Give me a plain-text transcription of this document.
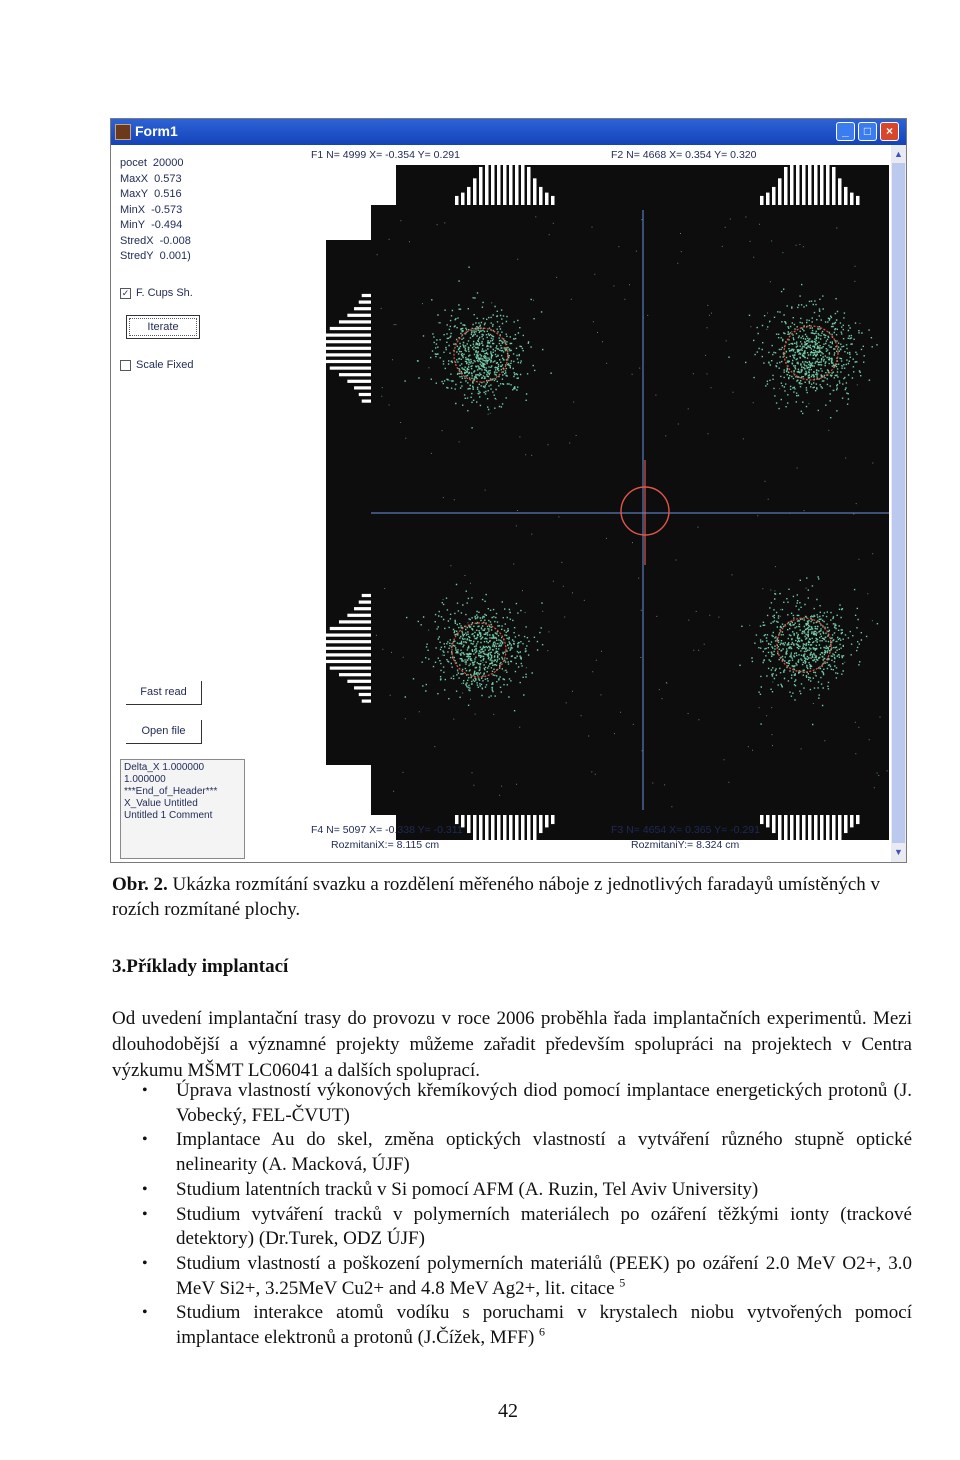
Form1	_	□	×
pocet 20000
MaxX 0.573
MaxY 0.516
MinX -0.573
MinY -0.494
StredX -0.008
StredY 0.001)
✓ F. Cups Sh.
Iterate
Scale Fixed
Fast read
Open file
Delta_X 1.000000
1.000000
***End_of_Header***
X_Value Untitled
Untitled 1 Comment
F1 N= 4999 X= -0.354 Y= 0.291	F2 N= 4668 X= 0.354 Y= 0.320
F4 N= 5097 X= -0.338 Y= -0.311
RozmitaniX:= 8.115 cm
F3 N= 4654 X= 0.365 Y= -0.291
RozmitaniY:= 8.324 cm
▲
▼
Obr. 2. Ukázka rozmítání svazku a rozdělení měřeného náboje z jednotlivých faradayů umístěných v rozích rozmítané plochy.
3.Příklady implantací
Od uvedení implantační trasy do provozu v roce 2006 proběhla řada implantačních experimentů. Mezi dlouhodobější a významné projekty můžeme zařadit především spolupráci na projektech v Centra výzkumu MŠMT LC06041 a dalších spoluprací.
• Úprava vlastností výkonových křemíkových diod pomocí implantace energetických protonů (J. Vobecký, FEL-ČVUT)
• Implantace Au do skel, změna optických vlastností a vytváření různého stupně optické nelinearity (A. Macková, ÚJF)
• Studium latentních tracků v Si pomocí AFM (A. Ruzin, Tel Aviv University)
• Studium vytváření tracků v polymerních materiálech po ozáření těžkými ionty (trackové detektory) (Dr.Turek, ODZ ÚJF)
• Studium vlastností a poškození polymerních materiálů (PEEK) po ozáření 2.0 MeV O2+, 3.0 MeV Si2+, 3.25MeV Cu2+ and 4.8 MeV Ag2+, lit. citace $^5$
• Studium interakce atomů vodíku s poruchami v krystalech niobu vytvořených pomocí implantace elektronů a protonů (J.Čížek, MFF) $^6$
42
